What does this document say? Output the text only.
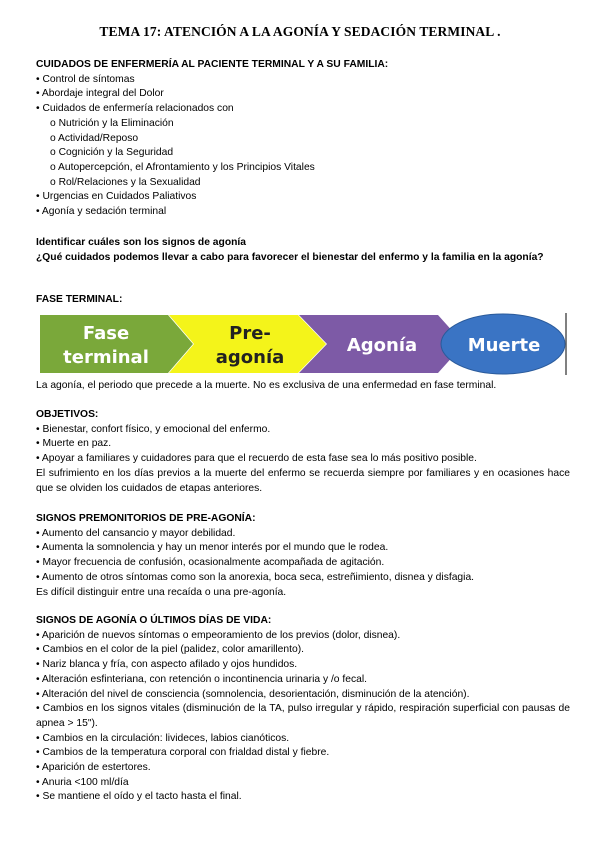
TEMA 17: ATENCIÓN A LA AGONÍA Y SEDACIÓN TERMINAL .
CUIDADOS DE ENFERMERÍA AL PACIENTE TERMINAL Y A SU FAMILIA:
• Control de síntomas
• Abordaje integral del Dolor
• Cuidados de enfermería relacionados con
o Nutrición y la Eliminación
o Actividad/Reposo
o Cognición y la Seguridad
o Autopercepción, el Afrontamiento y los Principios Vitales
o Rol/Relaciones y la Sexualidad
• Urgencias en Cuidados Paliativos
• Agonía y sedación terminal
Identificar cuáles son los signos de agonía
¿Qué cuidados podemos llevar a cabo para favorecer el bienestar del enfermo y la familia en la agonía?
FASE TERMINAL:
Fase
terminal
Pre-
agonía
Agonía	Muerte
La agonía, el periodo que precede a la muerte. No es exclusiva de una enfermedad en fase terminal.
OBJETIVOS:
• Bienestar, confort físico, y emocional del enfermo.
• Muerte en paz.
• Apoyar a familiares y cuidadores para que el recuerdo de esta fase sea lo más positivo posible.
El sufrimiento en los días previos a la muerte del enfermo se recuerda siempre por familiares y en ocasiones hace que se olviden los cuidados de etapas anteriores.
SIGNOS PREMONITORIOS DE PRE-AGONÍA:
• Aumento del cansancio y mayor debilidad.
• Aumenta la somnolencia y hay un menor interés por el mundo que le rodea.
• Mayor frecuencia de confusión, ocasionalmente acompañada de agitación.
• Aumento de otros síntomas como son la anorexia, boca seca, estreñimiento, disnea y disfagia.
Es difícil distinguir entre una recaída o una pre-agonía.
SIGNOS DE AGONÍA O ÚLTIMOS DÍAS DE VIDA:
• Aparición de nuevos síntomas o empeoramiento de los previos (dolor, disnea).
• Cambios en el color de la piel (palidez, color amarillento).
• Nariz blanca y fría, con aspecto afilado y ojos hundidos.
• Alteración esfinteriana, con retención o incontinencia urinaria y /o fecal.
• Alteración del nivel de consciencia (somnolencia, desorientación, disminución de la atención).
• Cambios en los signos vitales (disminución de la TA, pulso irregular y rápido, respiración superficial con pausas de apnea > 15").
• Cambios en la circulación: livideces, labios cianóticos.
• Cambios de la temperatura corporal con frialdad distal y fiebre.
• Aparición de estertores.
• Anuria <100 ml/día
• Se mantiene el oído y el tacto hasta el final.
